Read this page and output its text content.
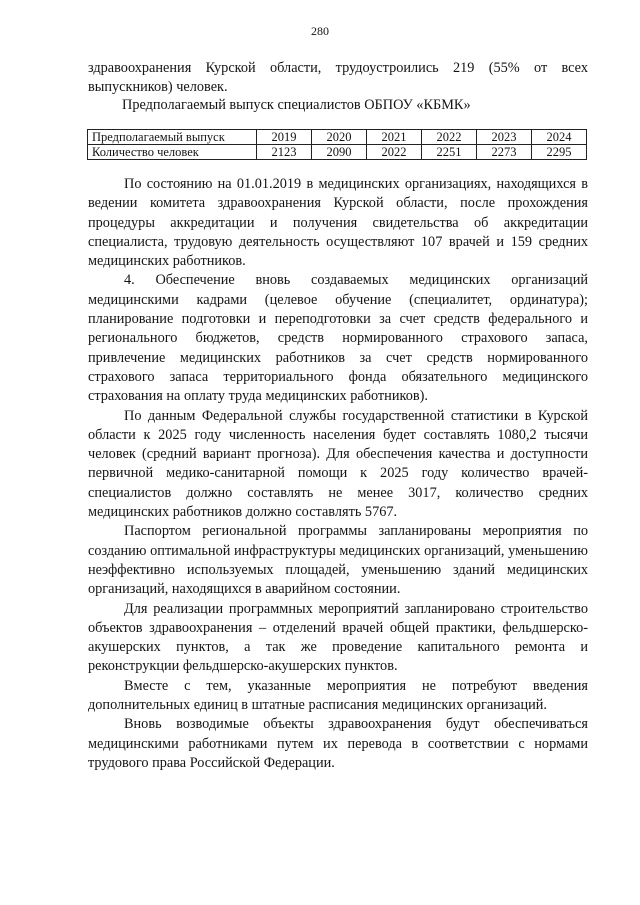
280

здравоохранения Курской области, трудоустроились 219 (55% от всех выпускников) человек.

Предполагаемый выпуск специалистов ОБПОУ «КБМК»

Предполагаемый выпуск	2019	2020	2021	2022	2023	2024
Количество человек	2123	2090	2022	2251	2273	2295

По состоянию на 01.01.2019 в медицинских организациях, находящихся в ведении комитета здравоохранения Курской области, после прохождения процедуры аккредитации и получения свидетельства об аккредитации специалиста, трудовую деятельность осуществляют 107 врачей и 159 средних медицинских работников.

4. Обеспечение вновь создаваемых медицинских организаций медицинскими кадрами (целевое обучение (специалитет, ординатура); планирование подготовки и переподготовки за счет средств федерального и регионального бюджетов, средств нормированного страхового запаса, привлечение медицинских работников за счет средств нормированного страхового запаса территориального фонда обязательного медицинского страхования на оплату труда медицинских работников).

По данным Федеральной службы государственной статистики в Курской области к 2025 году численность населения будет составлять 1080,2 тысячи человек (средний вариант прогноза). Для обеспечения качества и доступности первичной медико-санитарной помощи к 2025 году количество врачей-специалистов должно составлять не менее 3017, количество средних медицинских работников должно составлять 5767.

Паспортом региональной программы запланированы мероприятия по созданию оптимальной инфраструктуры медицинских организаций, уменьшению неэффективно используемых площадей, уменьшению зданий медицинских организаций, находящихся в аварийном состоянии.

Для реализации программных мероприятий запланировано строительство объектов здравоохранения – отделений врачей общей практики, фельдшерско-акушерских пунктов, а так же проведение капитального ремонта и реконструкции фельдшерско-акушерских пунктов.

Вместе с тем, указанные мероприятия не потребуют введения дополнительных единиц в штатные расписания медицинских организаций.

Вновь возводимые объекты здравоохранения будут обеспечиваться медицинскими работниками путем их перевода в соответствии с нормами трудового права Российской Федерации.
